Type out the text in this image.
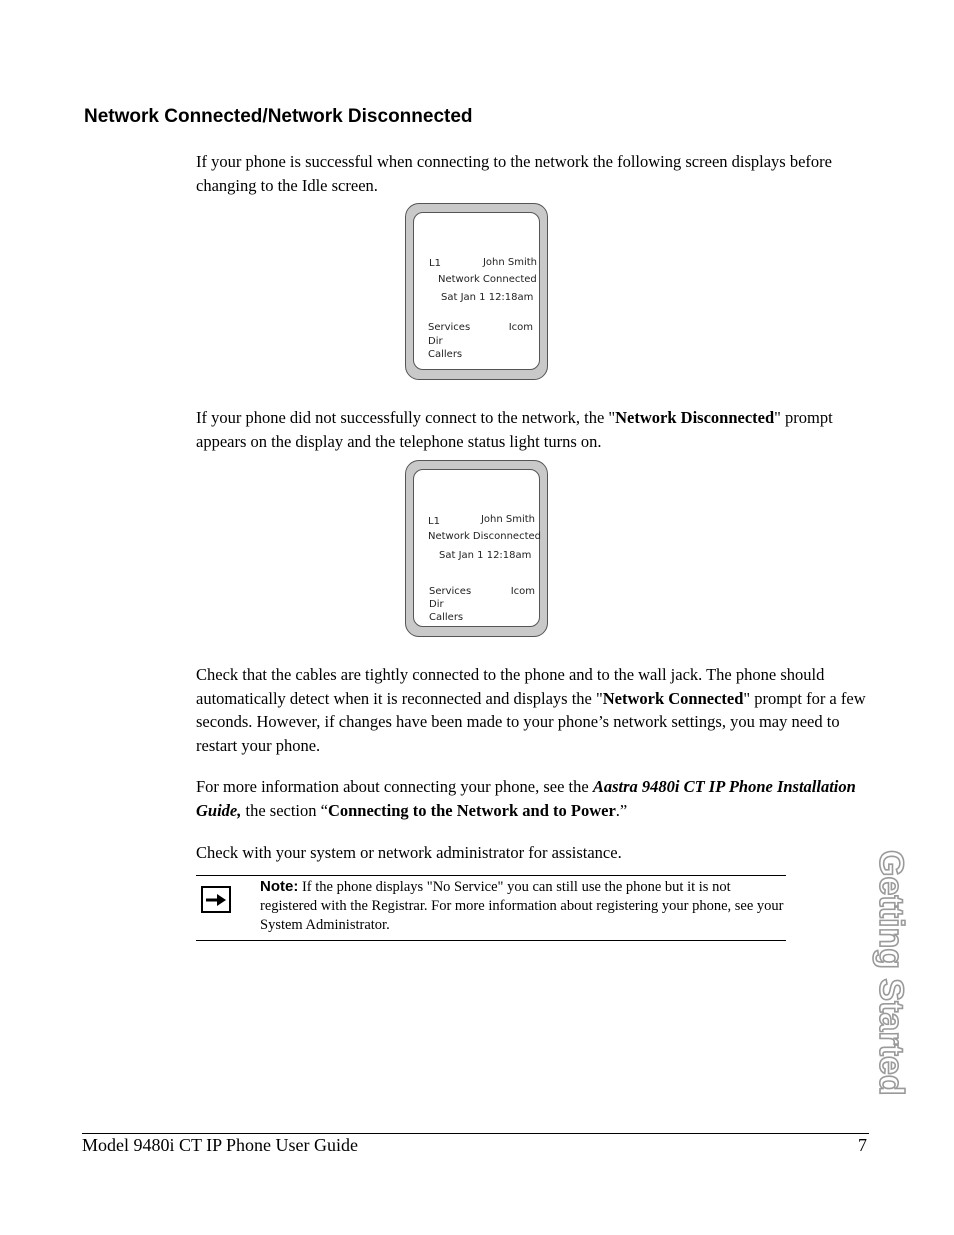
Network Connected/Network Disconnected
If your phone is successful when connecting to the network the following screen displays before changing to the Idle screen.
L1	John Smith
Network Connected
Sat Jan 1 12:18am
Services	Icom
Dir
Callers
If your phone did not successfully connect to the network, the "Network Disconnected" prompt appears on the display and the telephone status light turns on.
L1	John Smith
Network Disconnected
Sat Jan 1 12:18am
Services	Icom
Dir
Callers
Check that the cables are tightly connected to the phone and to the wall jack. The phone should automatically detect when it is reconnected and displays the "Network Connected" prompt for a few seconds. However, if changes have been made to your phone’s network settings, you may need to restart your phone.
For more information about connecting your phone, see the Aastra 9480i CT IP Phone Installation Guide, the section “Connecting to the Network and to Power.”
Check with your system or network administrator for assistance.
Note: If the phone displays "No Service" you can still use the phone but it is not registered with the Registrar. For more information about registering your phone, see your System Administrator.	Getting Started
Model 9480i CT IP Phone User Guide	7
